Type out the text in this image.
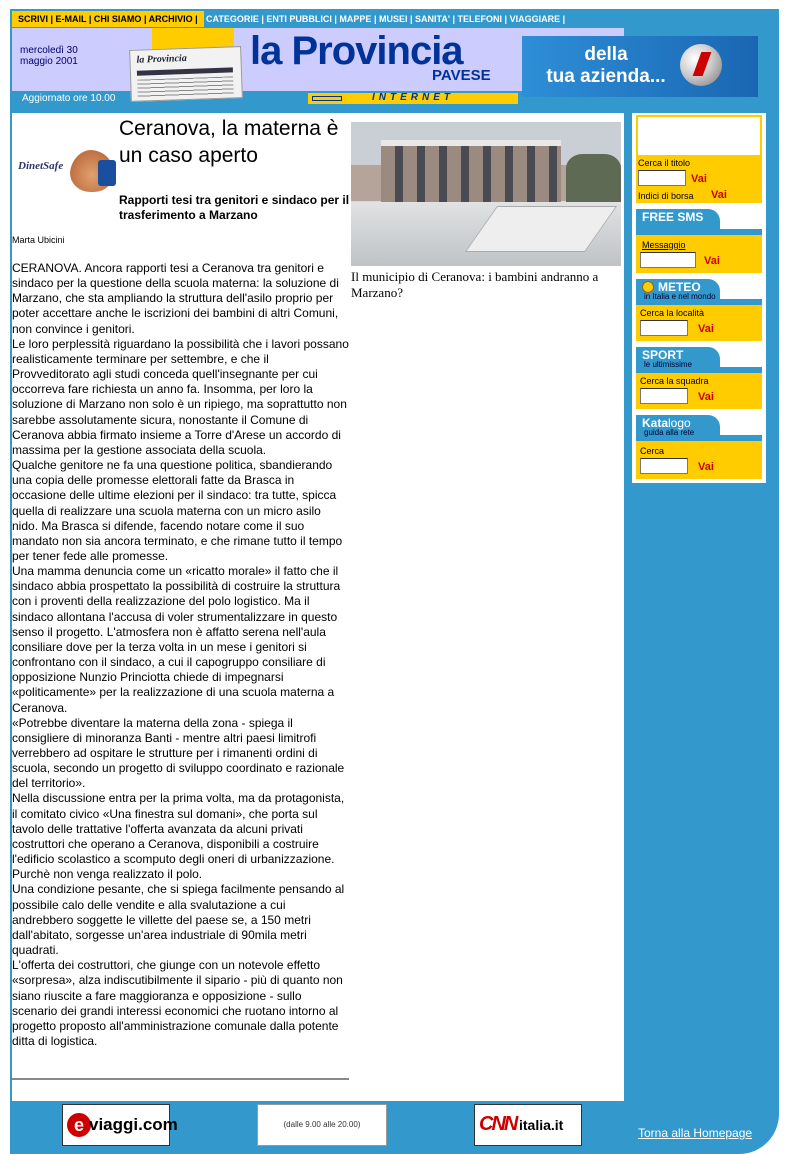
SCRIVI | E-MAIL | CHI SIAMO | ARCHIVIO | CATEGORIE | ENTI PUBBLICI | MAPPE | MUSEI | SANITA' | TELEFONI | VIAGGIARE |
mercoledì 30
maggio 2001
Aggiornato ore 10.00
la Provincia la Provincia
PAVESE
INTERNET
della
tua azienda...
DinetSafe
Ceranova, la materna è un caso aperto
Rapporti tesi tra genitori e sindaco per il trasferimento a Marzano
Marta Ubicini

CERANOVA. Ancora rapporti tesi a Ceranova tra genitori e sindaco per la questione della scuola materna: la soluzione di Marzano, che sta ampliando la struttura dell'asilo proprio per poter accettare anche le iscrizioni dei bambini di altri Comuni, non convince i genitori.

Le loro perplessità riguardano la possibilità che i lavori possano realisticamente terminare per settembre, e che il Provveditorato agli studi conceda quell'insegnante per cui occorreva fare richiesta un anno fa. Insomma, per loro la soluzione di Marzano non solo è un ripiego, ma soprattutto non sarebbe assolutamente sicura, nonostante il Comune di Ceranova abbia firmato insieme a Torre d'Arese un accordo di massima per la gestione associata della scuola.

Qualche genitore ne fa una questione politica, sbandierando una copia delle promesse elettorali fatte da Brasca in occasione delle ultime elezioni per il sindaco: tra tutte, spicca quella di realizzare una scuola materna con un micro asilo nido. Ma Brasca si difende, facendo notare come il suo mandato non sia ancora terminato, e che rimane tutto il tempo per tener fede alle promesse.

Una mamma denuncia come un «ricatto morale» il fatto che il sindaco abbia prospettato la possibilità di costruire la struttura con i proventi della realizzazione del polo logistico. Ma il sindaco allontana l'accusa di voler strumentalizzare in questo senso il progetto. L'atmosfera non è affatto serena nell'aula consiliare dove per la terza volta in un mese i genitori si confrontano con il sindaco, a cui il capogruppo consiliare di opposizione Nunzio Princiotta chiede di impegnarsi «politicamente» per la realizzazione di una scuola materna a Ceranova.

«Potrebbe diventare la materna della zona - spiega il consigliere di minoranza Banti - mentre altri paesi limitrofi verrebbero ad ospitare le strutture per i rimanenti ordini di scuola, secondo un progetto di sviluppo coordinato e razionale del territorio».

Nella discussione entra per la prima volta, ma da protagonista, il comitato civico «Una finestra sul domani», che porta sul tavolo delle trattative l'offerta avanzata da alcuni privati costruttori che operano a Ceranova, disponibili a costruire l'edificio scolastico a scomputo degli oneri di urbanizzazione. Purchè non venga realizzato il polo.

Una condizione pesante, che si spiega facilmente pensando al possibile calo delle vendite e alla svalutazione a cui andrebbero soggette le villette del paese se, a 150 metri dall'abitato, sorgesse un'area industriale di 90mila metri quadrati.

L'offerta dei costruttori, che giunge con un notevole effetto «sorpresa», alza indiscutibilmente il sipario - più di quanto non siano riuscite a fare maggioranza e opposizione - sullo scenario dei grandi interessi economici che ruotano intorno al progetto proposto all'amministrazione comunale dalla potente ditta di logistica.

Il municipio di Ceranova: i bambini andranno a Marzano?
Cerca il titolo
Vai
Indici di borsa Vai
FREE SMS
Messaggio
Vai
METEO
in Italia e nel mondo
Cerca la località
Vai
SPORT
le ultimissime
Cerca la squadra
Vai
Katalogo
guida alla rete
Cerca
Vai
e viaggi.com	(dalle 9.00 alle 20.00)	CNN italia.it	Torna alla Homepage
